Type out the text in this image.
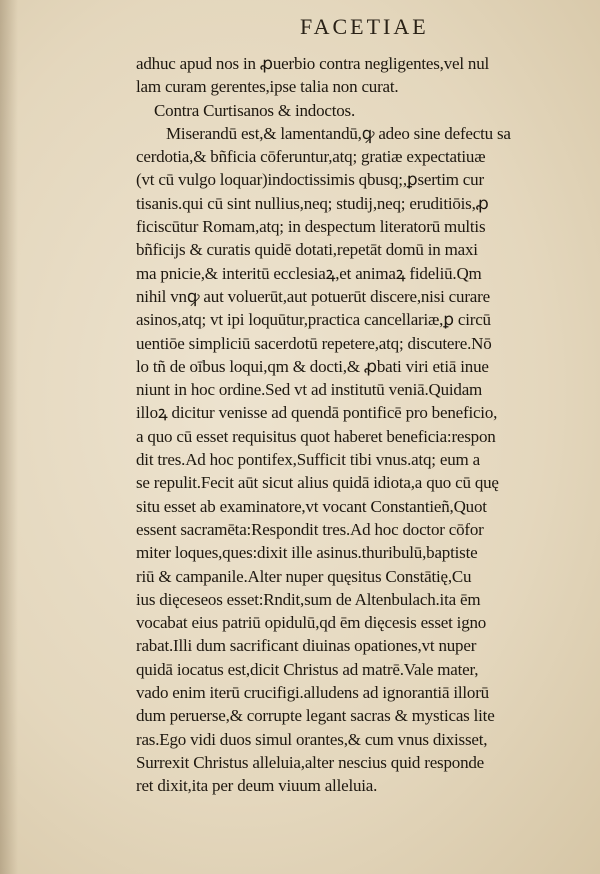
FACETIAE
adhuc apud nos in ꝓuerbio contra negligentes,vel nul
lam curam gerentes,ipse talia non curat.
Contra Curtisanos & indoctos.
Miserandū est,& lamentandū,ꝙ adeo sine defectu sa
cerdotia,& bñficia cōferuntur,atq; gratiæ expectatiuæ
(vt cū vulgo loquar)indoctissimis qbusq;,ꝑsertim cur
tisanis.qui cū sint nullius,neq; studij,neq; eruditiōis,ꝓ
ficiscūtur Romam,atq; in despectum literatorū multis
bñficijs & curatis quidē dotati,repetāt domū in maxi
ma pnicie,& interitū ecclesiaꝝ,et animaꝝ fideliū.Qm
nihil vnꝙ aut voluerūt,aut potuerūt discere,nisi curare
asinos,atq; vt ipi loquūtur,practica cancellariæ,ꝑ circū
uentiōe simpliciū sacerdotū repetere,atq; discutere.Nō
lo tñ de oībus loqui,qm & docti,& ꝓbati viri etiā inue
niunt in hoc ordine.Sed vt ad institutū veniā.Quidam
illoꝝ dicitur venisse ad quendā pontificē pro beneficio,
a quo cū esset requisitus quot haberet beneficia:respon
dit tres.Ad hoc pontifex,Sufficit tibi vnus.atq; eum a
se repulit.Fecit aūt sicut alius quidā idiota,a quo cū quę
situ esset ab examinatore,vt vocant Constantieñ,Quot
essent sacramēta:Respondit tres.Ad hoc doctor cōfor
miter loques,ques:dixit ille asinus.thuribulū,baptiste
riū & campanile.Alter nuper quęsitus Constātię,Cu
ius dięceseos esset:Rndit,sum de Altenbulach.ita ēm
vocabat eius patriū opidulū,qd ēm dięcesis esset igno
rabat.Illi dum sacrificant diuinas opationes,vt nuper
quidā iocatus est,dicit Christus ad matrē.Vale mater,
vado enim iterū crucifigi.alludens ad ignorantiā illorū
dum peruerse,& corrupte legant sacras & mysticas lite
ras.Ego vidi duos simul orantes,& cum vnus dixisset,
Surrexit Christus alleluia,alter nescius quid responde
ret dixit,ita per deum viuum alleluia.
